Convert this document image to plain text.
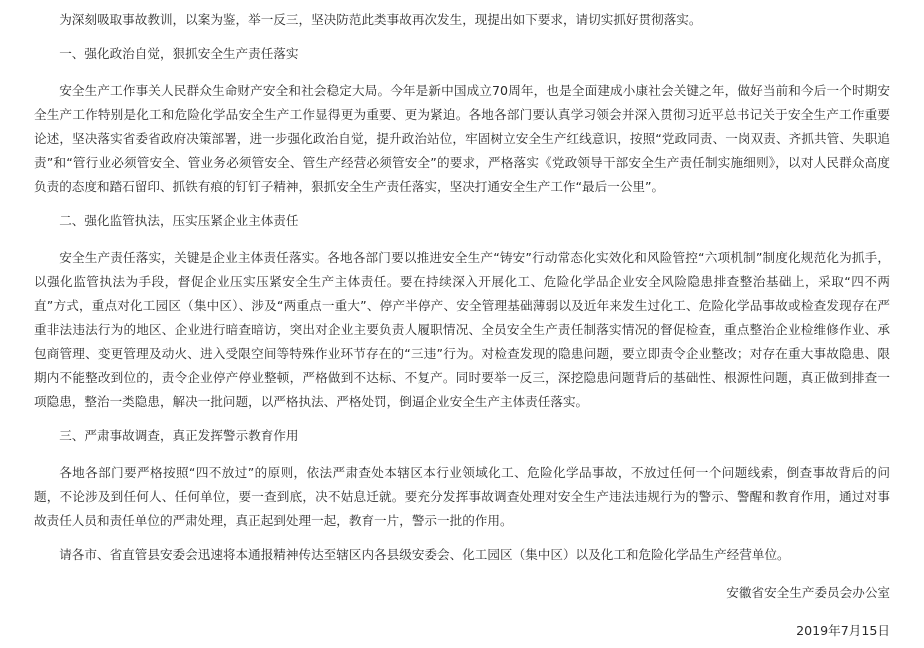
为深刻吸取事故教训，以案为鉴，举一反三，坚决防范此类事故再次发生，现提出如下要求，请切实抓好贯彻落实。

一、强化政治自觉，狠抓安全生产责任落实

安全生产工作事关人民群众生命财产安全和社会稳定大局。今年是新中国成立70周年，也是全面建成小康社会关键之年，做好当前和今后一个时期安全生产工作特别是化工和危险化学品安全生产工作显得更为重要、更为紧迫。各地各部门要认真学习领会并深入贯彻习近平总书记关于安全生产工作重要论述，坚决落实省委省政府决策部署，进一步强化政治自觉，提升政治站位，牢固树立安全生产红线意识，按照“党政同责、一岗双责、齐抓共管、失职追责”和“管行业必须管安全、管业务必须管安全、管生产经营必须管安全”的要求，严格落实《党政领导干部安全生产责任制实施细则》，以对人民群众高度负责的态度和踏石留印、抓铁有痕的钉钉子精神，狠抓安全生产责任落实，坚决打通安全生产工作“最后一公里”。

二、强化监管执法，压实压紧企业主体责任

安全生产责任落实，关键是企业主体责任落实。各地各部门要以推进安全生产“铸安”行动常态化实效化和风险管控“六项机制”制度化规范化为抓手，以强化监管执法为手段，督促企业压实压紧安全生产主体责任。要在持续深入开展化工、危险化学品企业安全风险隐患排查整治基础上，采取“四不两直”方式，重点对化工园区（集中区）、涉及“两重点一重大”、停产半停产、安全管理基础薄弱以及近年来发生过化工、危险化学品事故或检查发现存在严重非法违法行为的地区、企业进行暗查暗访，突出对企业主要负责人履职情况、全员安全生产责任制落实情况的督促检查，重点整治企业检维修作业、承包商管理、变更管理及动火、进入受限空间等特殊作业环节存在的“三违”行为。对检查发现的隐患问题，要立即责令企业整改；对存在重大事故隐患、限期内不能整改到位的，责令企业停产停业整顿，严格做到不达标、不复产。同时要举一反三，深挖隐患问题背后的基础性、根源性问题，真正做到排查一项隐患，整治一类隐患，解决一批问题，以严格执法、严格处罚，倒逼企业安全生产主体责任落实。

三、严肃事故调查，真正发挥警示教育作用

各地各部门要严格按照“四不放过”的原则，依法严肃查处本辖区本行业领域化工、危险化学品事故，不放过任何一个问题线索，倒查事故背后的问题，不论涉及到任何人、任何单位，要一查到底，决不姑息迁就。要充分发挥事故调查处理对安全生产违法违规行为的警示、警醒和教育作用，通过对事故责任人员和责任单位的严肃处理，真正起到处理一起，教育一片，警示一批的作用。

请各市、省直管县安委会迅速将本通报精神传达至辖区内各县级安委会、化工园区（集中区）以及化工和危险化学品生产经营单位。

安徽省安全生产委员会办公室

2019年7月15日
